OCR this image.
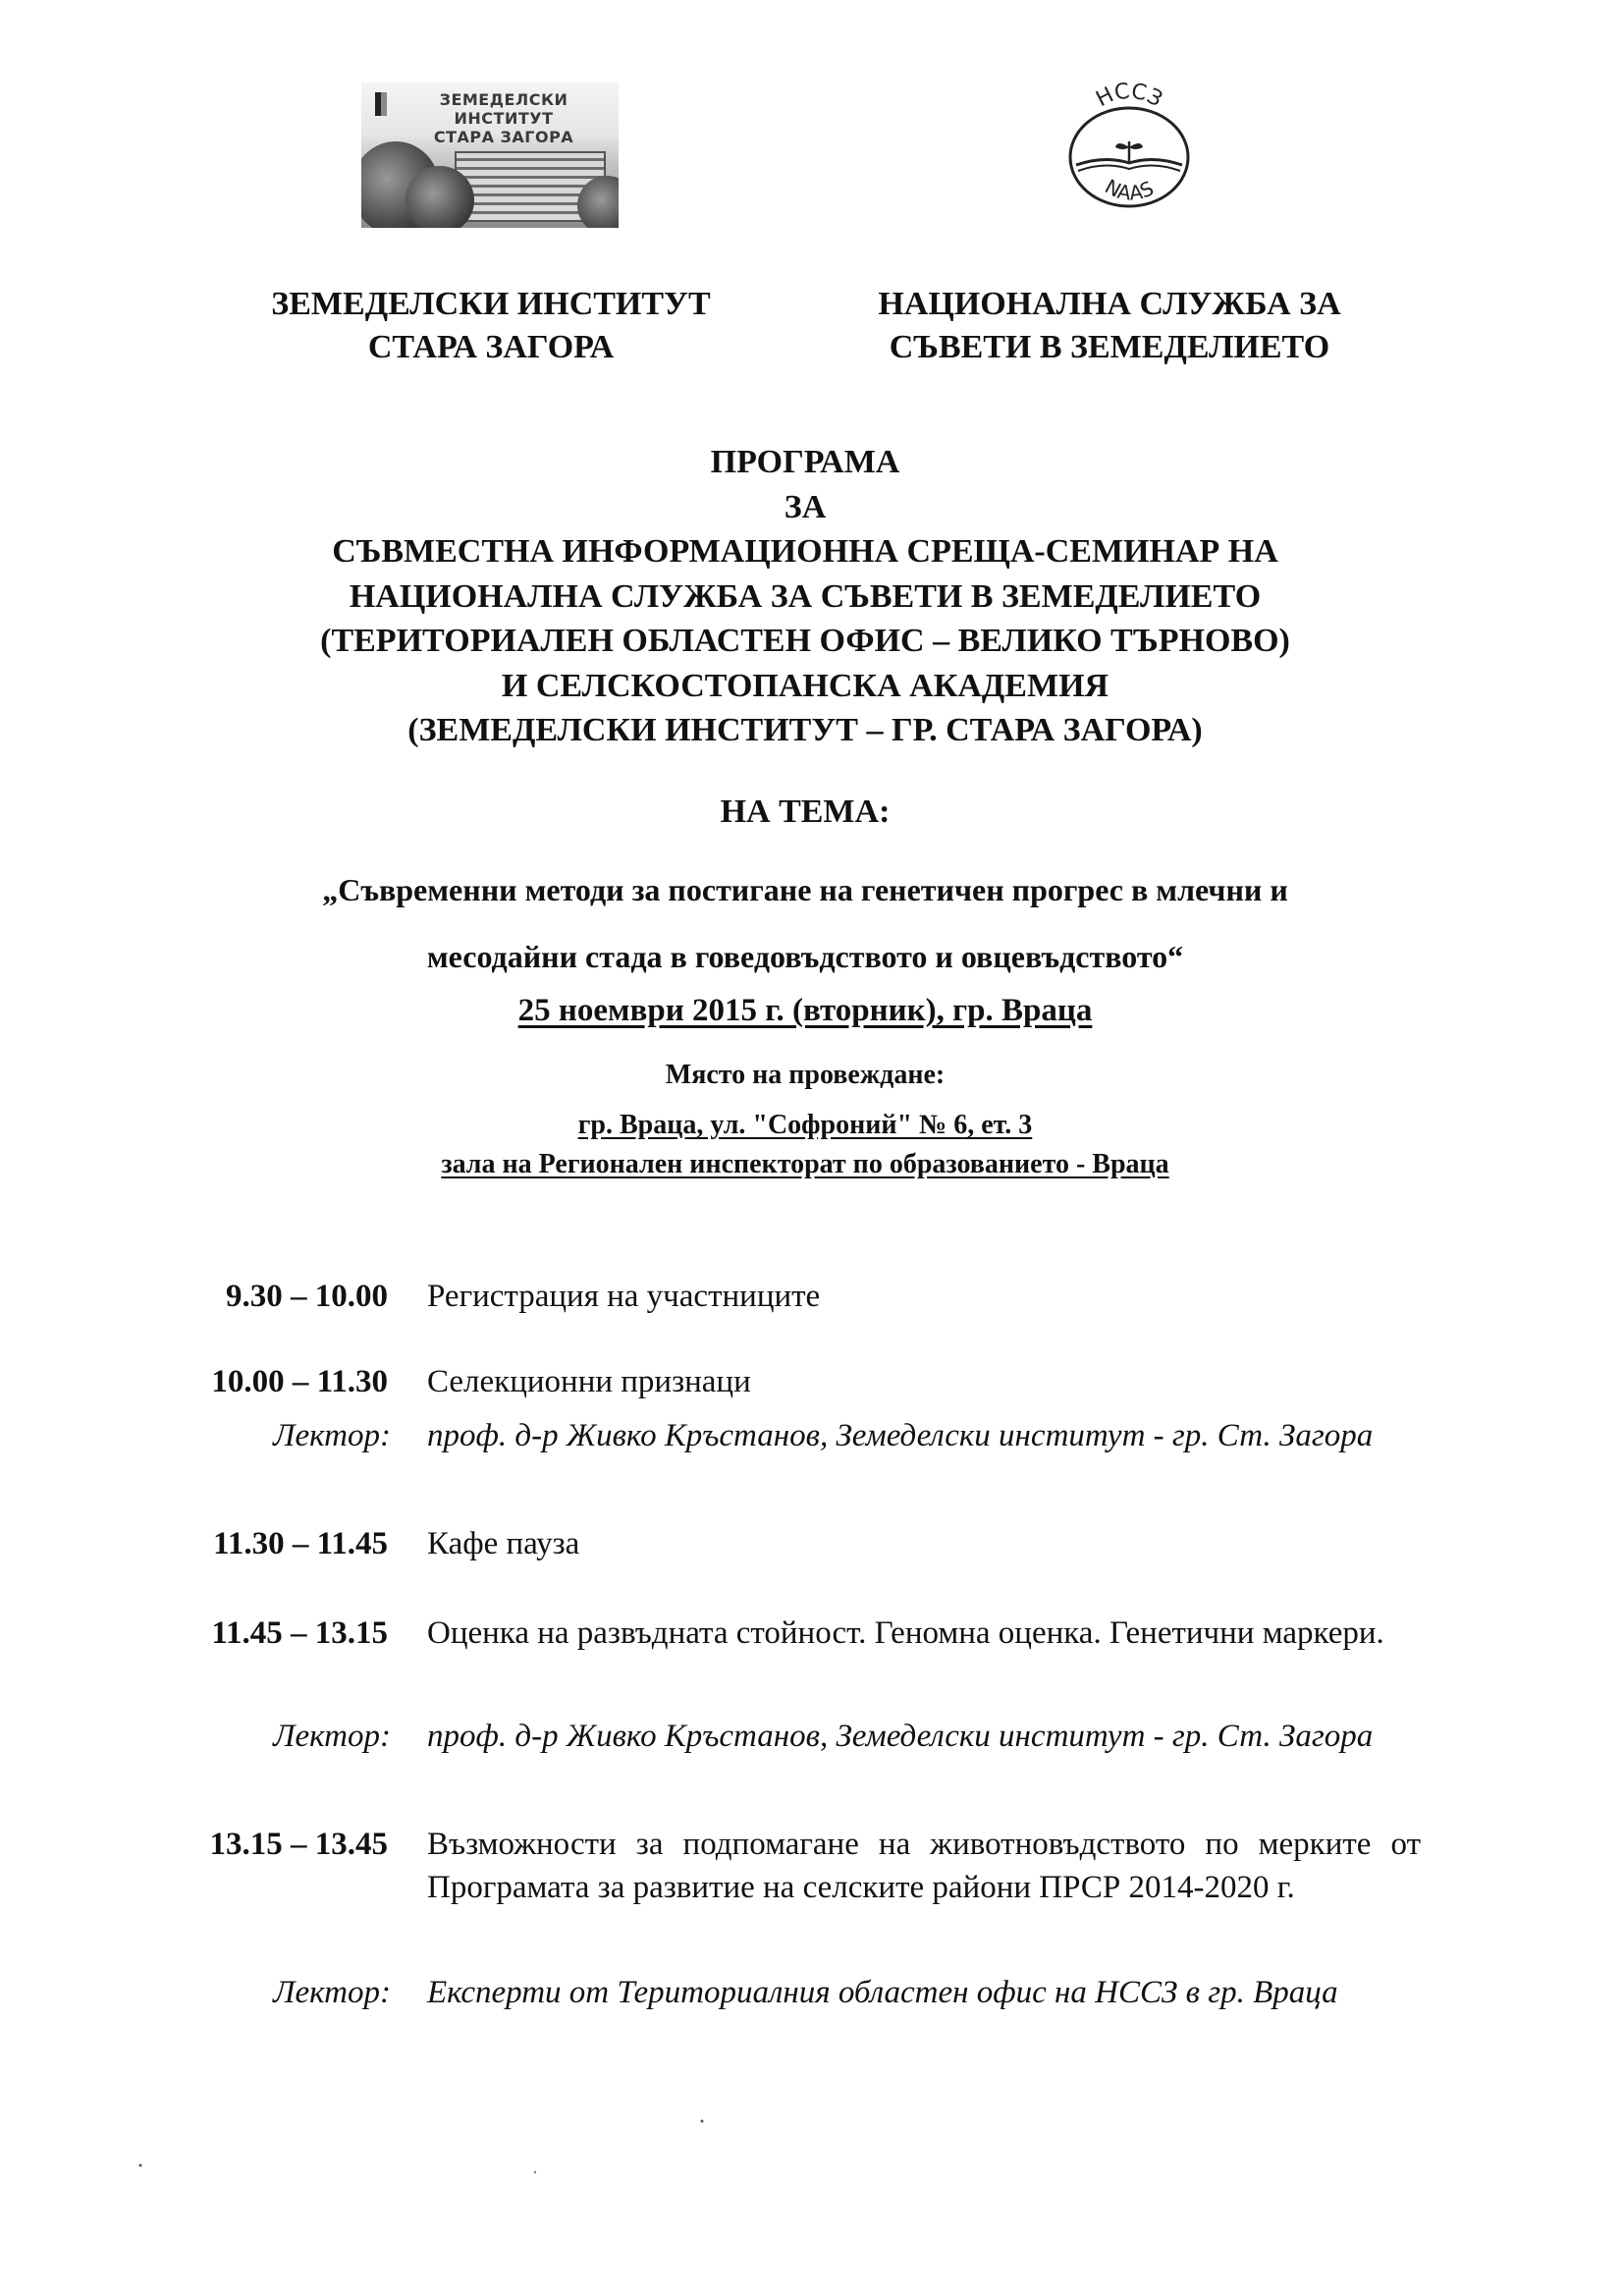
ЗЕМЕДЕЛСКИ ИНСТИТУТ
СТАРА ЗАГОРА
НССЗ
NAAS
ЗЕМЕДЕЛСКИ ИНСТИТУТ
СТАРА ЗАГОРА
НАЦИОНАЛНА СЛУЖБА ЗА
СЪВЕТИ В ЗЕМЕДЕЛИЕТО
ПРОГРАМА
ЗА
СЪВМЕСТНА ИНФОРМАЦИОННА СРЕЩА-СЕМИНАР НА
НАЦИОНАЛНА СЛУЖБА ЗА СЪВЕТИ В ЗЕМЕДЕЛИЕТО
(ТЕРИТОРИАЛЕН ОБЛАСТЕН ОФИС – ВЕЛИКО ТЪРНОВО)
И СЕЛСКОСТОПАНСКА АКАДЕМИЯ
(ЗЕМЕДЕЛСКИ ИНСТИТУТ – ГР. СТАРА ЗАГОРА)
НА ТЕМА:
„Съвременни методи за постигане на генетичен прогрес в млечни и
месодайни стада в говедовъдството и овцевъдството“
25 ноември 2015 г. (вторник), гр. Враца
Място на провеждане:
гр. Враца, ул. "Софроний" № 6, ет. 3
зала на Регионален инспекторат по образованието - Враца
9.30 – 10.00 Регистрация на участниците
10.00 – 11.30 Селекционни признаци
Лектор: проф. д-р Живко Кръстанов, Земеделски институт - гр. Ст. Загора
11.30 – 11.45 Кафе пауза
11.45 – 13.15 Оценка на развъдната стойност. Геномна оценка. Генетични маркери.
Лектор: проф. д-р Живко Кръстанов, Земеделски институт - гр. Ст. Загора
13.15 – 13.45 Възможности за подпомагане на животновъдството по мерките от Програмата за развитие на селските райони ПРСР 2014-2020 г.
Лектор: Експерти от Териториалния областен офис на НССЗ в гр. Враца
